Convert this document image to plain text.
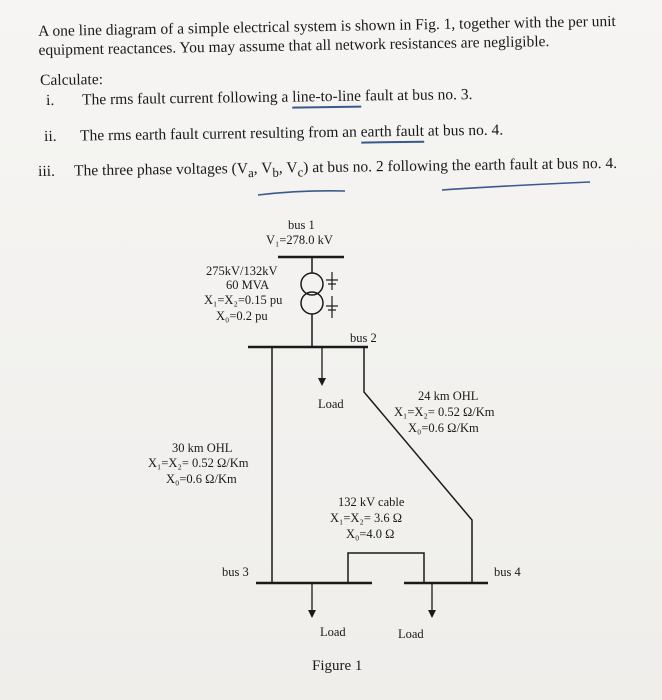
A one line diagram of a simple electrical system is shown in Fig. 1, together with the per unit

equipment reactances. You may assume that all network resistances are negligible.

Calculate:
i. The rms fault current following a line-to-line fault at bus no. 3.
ii. The rms earth fault current resulting from an earth fault at bus no. 4.
iii. The three phase voltages ($V_a$, $V_b$, $V_c$) at bus no. 2 following the earth fault at bus no. 4.
bus 1
V₁=278.0 kV
275kV/132kV
60 MVA
X₁=X₂=0.15 pu
X₀=0.2 pu
bus 2
Load
30 km OHL
X₁=X₂= 0.52 Ω/Km
X₀=0.6 Ω/Km
24 km OHL
X₁=X₂= 0.52 Ω/Km
X₀=0.6 Ω/Km
bus 3	bus 4
132 kV cable
X₁=X₂= 3.6 Ω
X₀=4.0 Ω
Load	Load
Figure 1
